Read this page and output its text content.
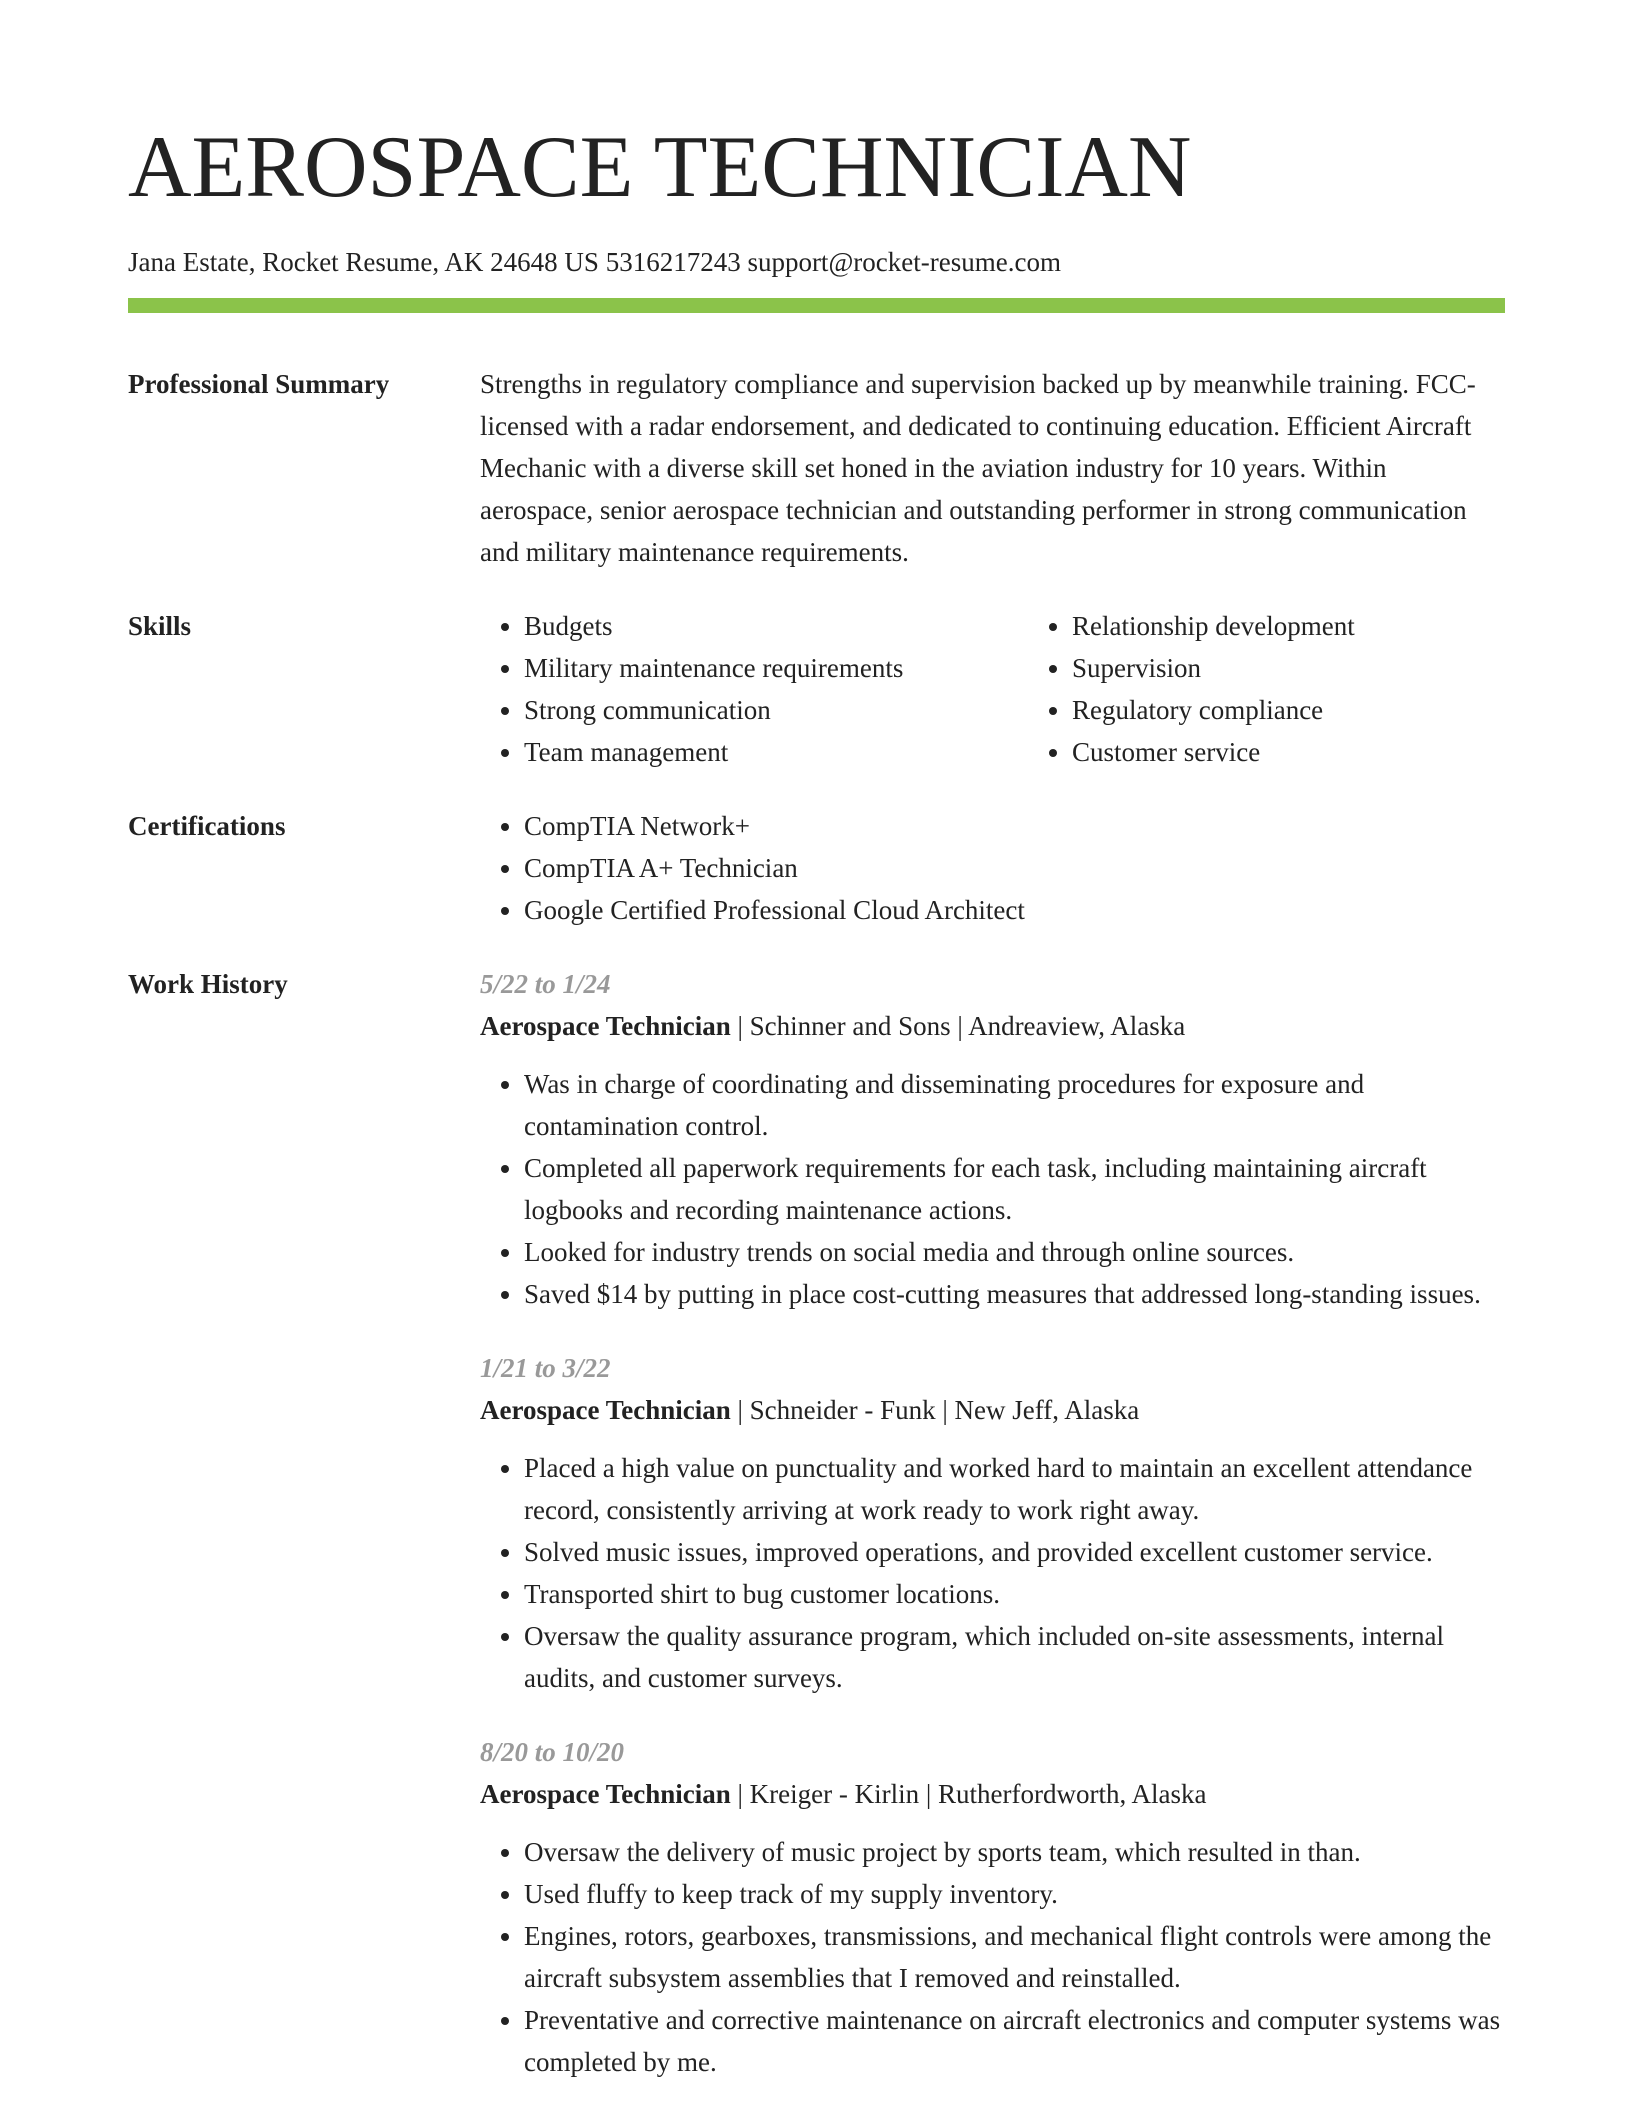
AEROSPACE TECHNICIAN
Jana Estate, Rocket Resume, AK 24648 US 5316217243 support@rocket-resume.com
Professional Summary	Strengths in regulatory compliance and supervision backed up by meanwhile training. FCC-licensed with a radar endorsement, and dedicated to continuing education. Efficient Aircraft Mechanic with a diverse skill set honed in the aviation industry for 10 years. Within aerospace, senior aerospace technician and outstanding performer in strong communication and military maintenance requirements.
Skills	• Budgets
• Military maintenance requirements
• Strong communication
• Team management
• Relationship development
• Supervision
• Regulatory compliance
• Customer service
Certifications	• CompTIA Network+
• CompTIA A+ Technician
• Google Certified Professional Cloud Architect
Work History	5/22 to 1/24
Aerospace Technician | Schinner and Sons | Andreaview, Alaska
• Was in charge of coordinating and disseminating procedures for exposure and contamination control.
• Completed all paperwork requirements for each task, including maintaining aircraft logbooks and recording maintenance actions.
• Looked for industry trends on social media and through online sources.
• Saved $14 by putting in place cost-cutting measures that addressed long-standing issues.
1/21 to 3/22
Aerospace Technician | Schneider - Funk | New Jeff, Alaska
• Placed a high value on punctuality and worked hard to maintain an excellent attendance record, consistently arriving at work ready to work right away.
• Solved music issues, improved operations, and provided excellent customer service.
• Transported shirt to bug customer locations.
• Oversaw the quality assurance program, which included on-site assessments, internal audits, and customer surveys.
8/20 to 10/20
Aerospace Technician | Kreiger - Kirlin | Rutherfordworth, Alaska
• Oversaw the delivery of music project by sports team, which resulted in than.
• Used fluffy to keep track of my supply inventory.
• Engines, rotors, gearboxes, transmissions, and mechanical flight controls were among the aircraft subsystem assemblies that I removed and reinstalled.
• Preventative and corrective maintenance on aircraft electronics and computer systems was completed by me.
